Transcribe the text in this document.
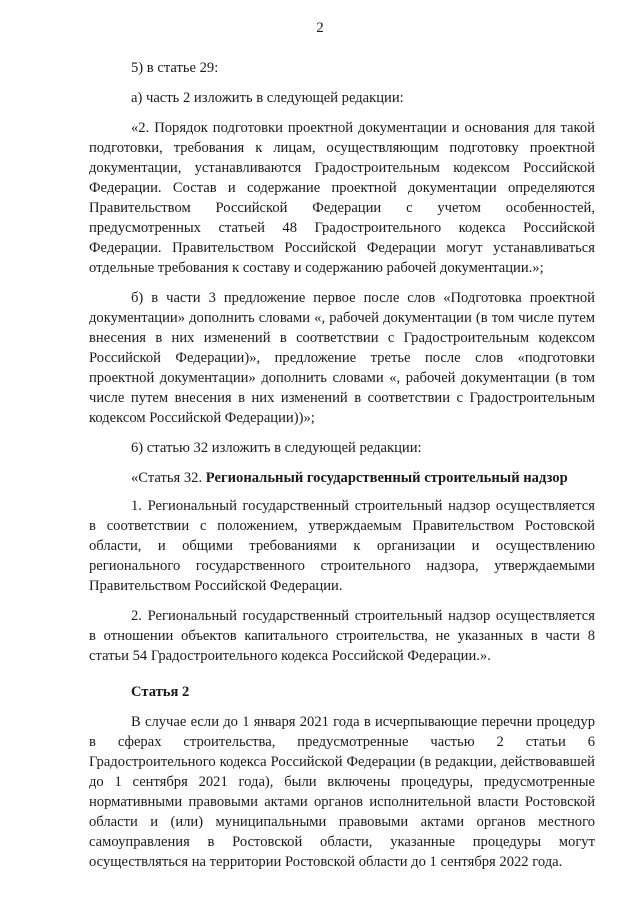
2

5) в статье 29:

а) часть 2 изложить в следующей редакции:

«2. Порядок подготовки проектной документации и основания для такой подготовки, требования к лицам, осуществляющим подготовку проектной документации, устанавливаются Градостроительным кодексом Российской Федерации. Состав и содержание проектной документации определяются Правительством Российской Федерации с учетом особенностей, предусмотренных статьей 48 Градостроительного кодекса Российской Федерации. Правительством Российской Федерации могут устанавливаться отдельные требования к составу и содержанию рабочей документации.»;

б) в части 3 предложение первое после слов «Подготовка проектной документации» дополнить словами «, рабочей документации (в том числе путем внесения в них изменений в соответствии с Градостроительным кодексом Российской Федерации)», предложение третье после слов «подготовки проектной документации» дополнить словами «, рабочей документации (в том числе путем внесения в них изменений в соответствии с Градостроительным кодексом Российской Федерации))»;

6) статью 32 изложить в следующей редакции:

«Статья 32. Региональный государственный строительный надзор

1. Региональный государственный строительный надзор осуществляется в соответствии с положением, утверждаемым Правительством Ростовской области, и общими требованиями к организации и осуществлению регионального государственного строительного надзора, утверждаемыми Правительством Российской Федерации.

2. Региональный государственный строительный надзор осуществляется в отношении объектов капитального строительства, не указанных в части 8 статьи 54 Градостроительного кодекса Российской Федерации.».

Статья 2

В случае если до 1 января 2021 года в исчерпывающие перечни процедур в сферах строительства, предусмотренные частью 2 статьи 6 Градостроительного кодекса Российской Федерации (в редакции, действовавшей до 1 сентября 2021 года), были включены процедуры, предусмотренные нормативными правовыми актами органов исполнительной власти Ростовской области и (или) муниципальными правовыми актами органов местного самоуправления в Ростовской области, указанные процедуры могут осуществляться на территории Ростовской области до 1 сентября 2022 года.
